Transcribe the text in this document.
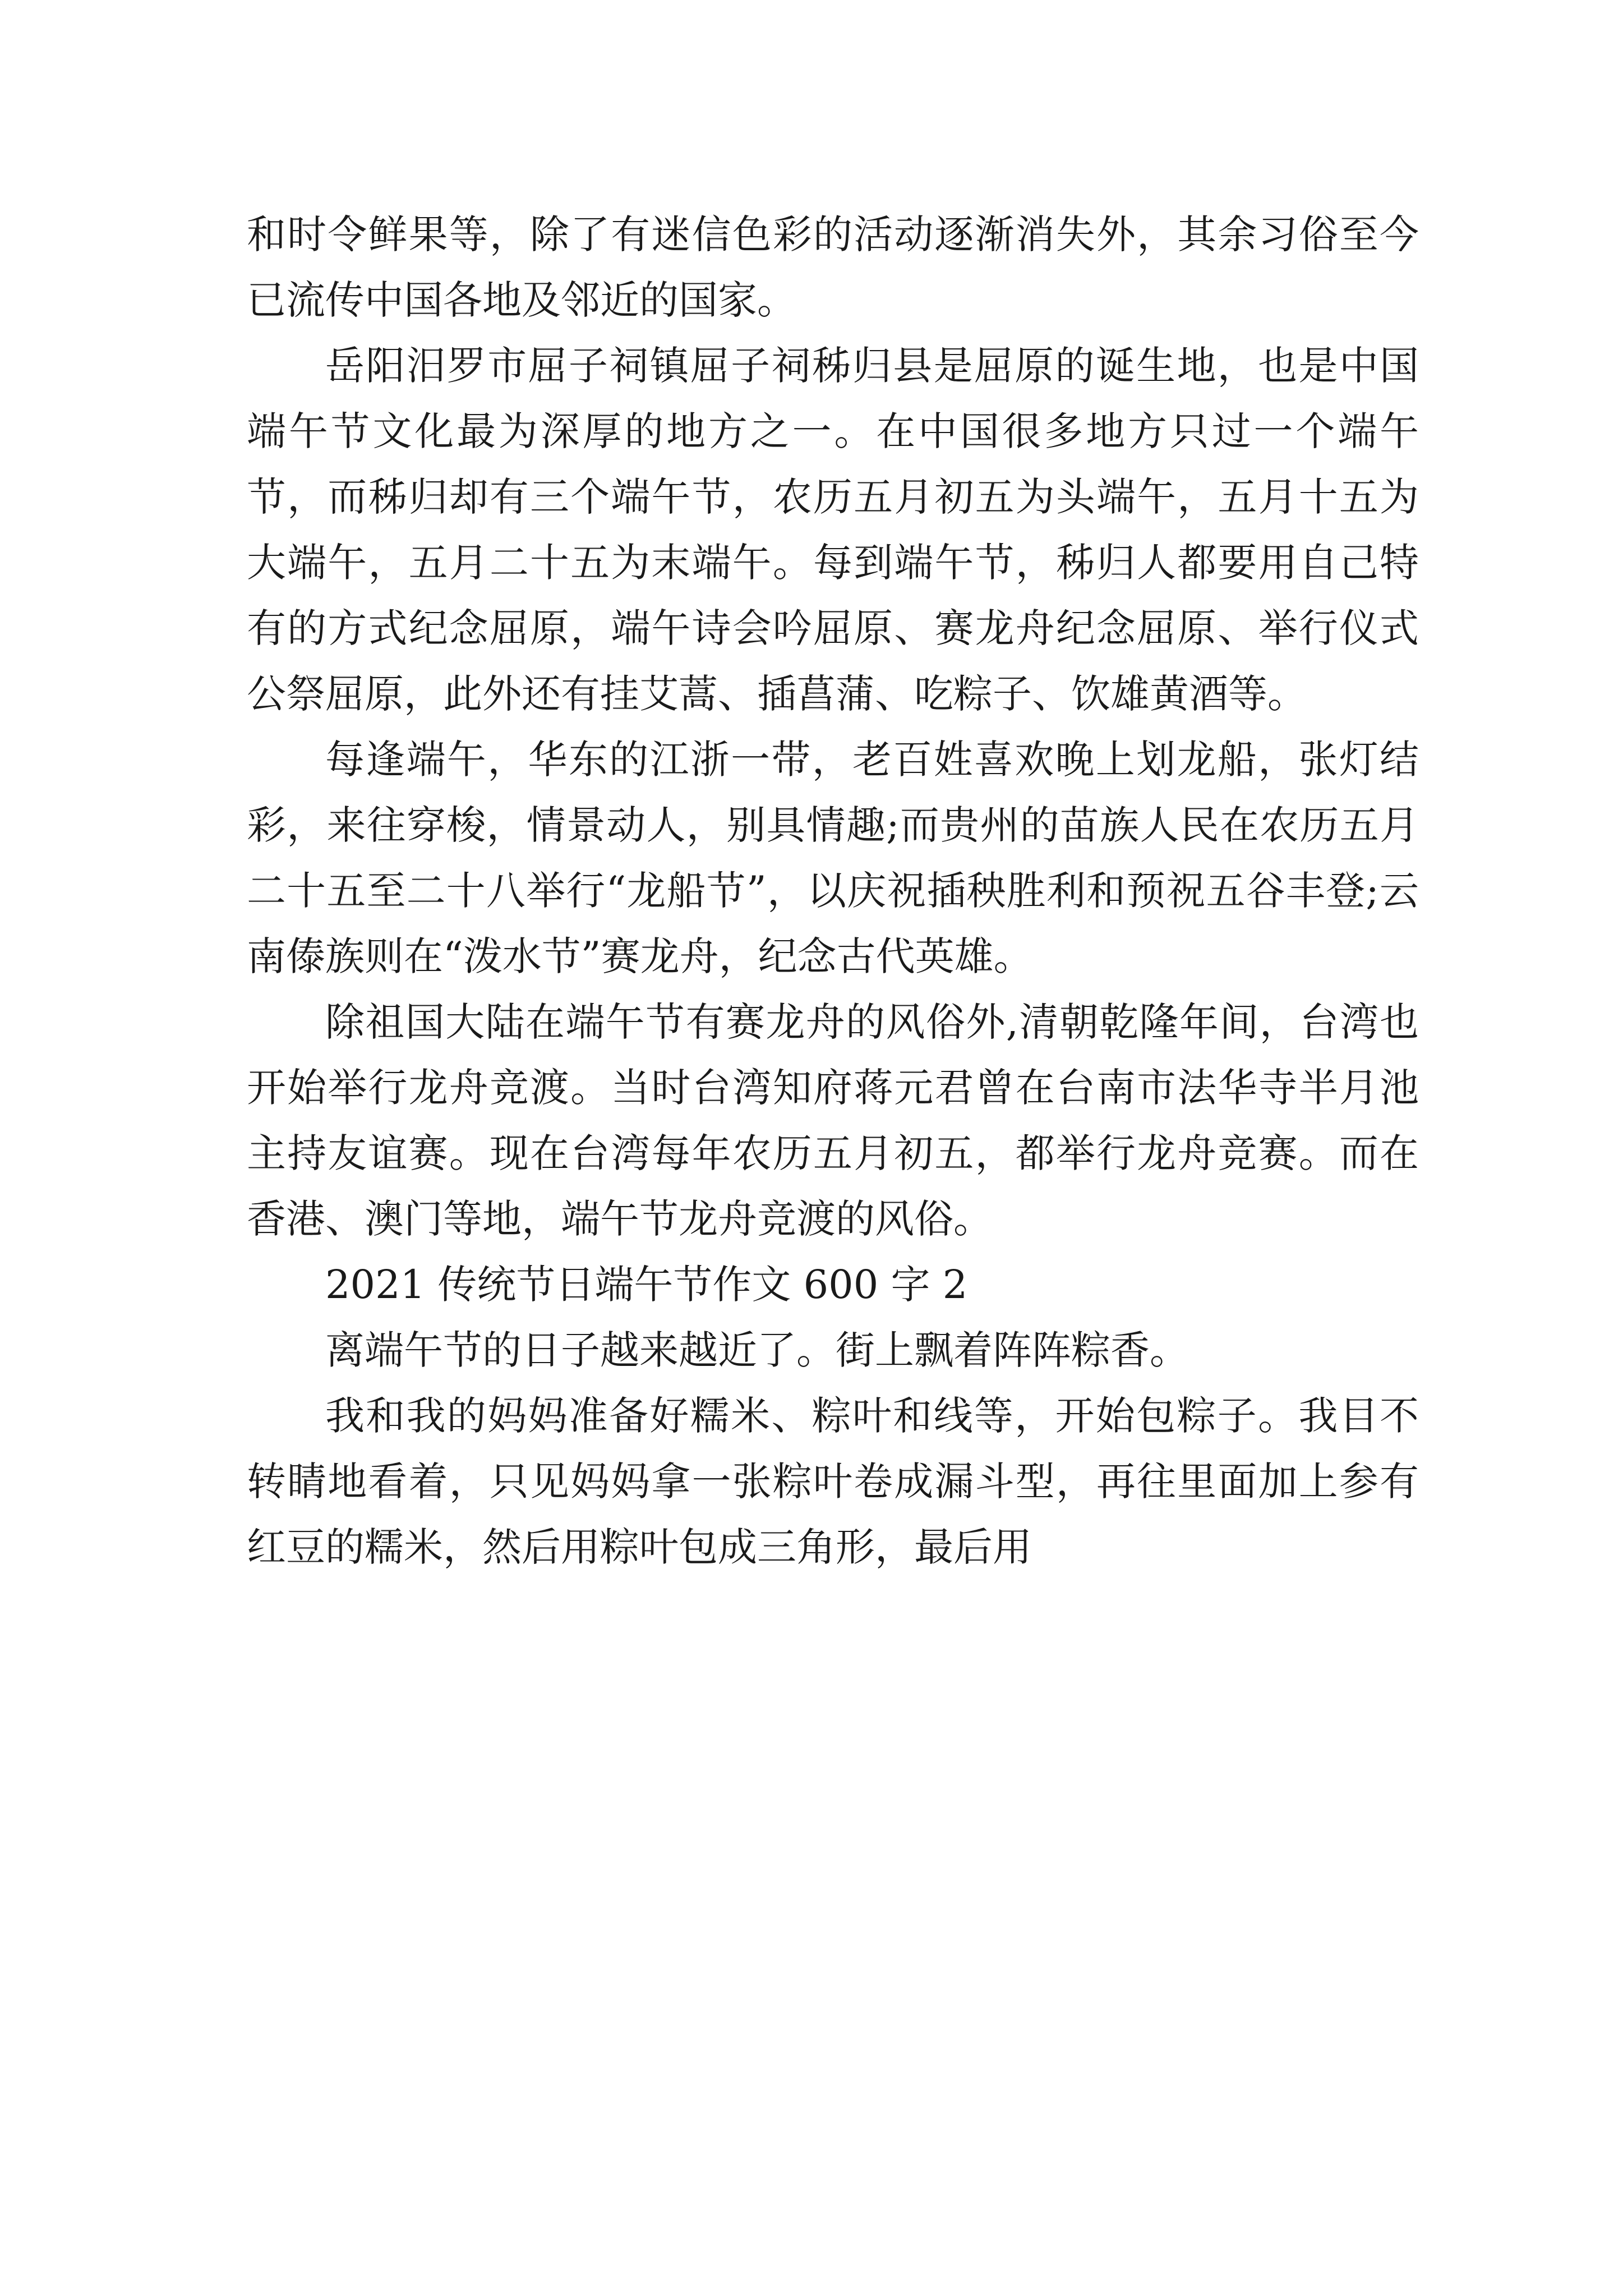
和时令鲜果等，除了有迷信色彩的活动逐渐消失外，其余习俗至今已流传中国各地及邻近的国家。

岳阳汨罗市屈子祠镇屈子祠秭归县是屈原的诞生地，也是中国端午节文化最为深厚的地方之一。在中国很多地方只过一个端午节，而秭归却有三个端午节，农历五月初五为头端午，五月十五为大端午，五月二十五为末端午。每到端午节，秭归人都要用自己特有的方式纪念屈原，端午诗会吟屈原、赛龙舟纪念屈原、举行仪式公祭屈原，此外还有挂艾蒿、插菖蒲、吃粽子、饮雄黄酒等。

每逢端午，华东的江浙一带，老百姓喜欢晚上划龙船，张灯结彩，来往穿梭，情景动人，别具情趣;而贵州的苗族人民在农历五月二十五至二十八举行“龙船节”，以庆祝插秧胜利和预祝五谷丰登;云南傣族则在“泼水节”赛龙舟，纪念古代英雄。

除祖国大陆在端午节有赛龙舟的风俗外,清朝乾隆年间，台湾也开始举行龙舟竞渡。当时台湾知府蒋元君曾在台南市法华寺半月池主持友谊赛。现在台湾每年农历五月初五，都举行龙舟竞赛。而在香港、澳门等地，端午节龙舟竞渡的风俗。

2021 传统节日端午节作文 600 字 2

离端午节的日子越来越近了。街上飘着阵阵粽香。

我和我的妈妈准备好糯米、粽叶和线等，开始包粽子。我目不转睛地看着，只见妈妈拿一张粽叶卷成漏斗型，再往里面加上参有红豆的糯米，然后用粽叶包成三角形，最后用
